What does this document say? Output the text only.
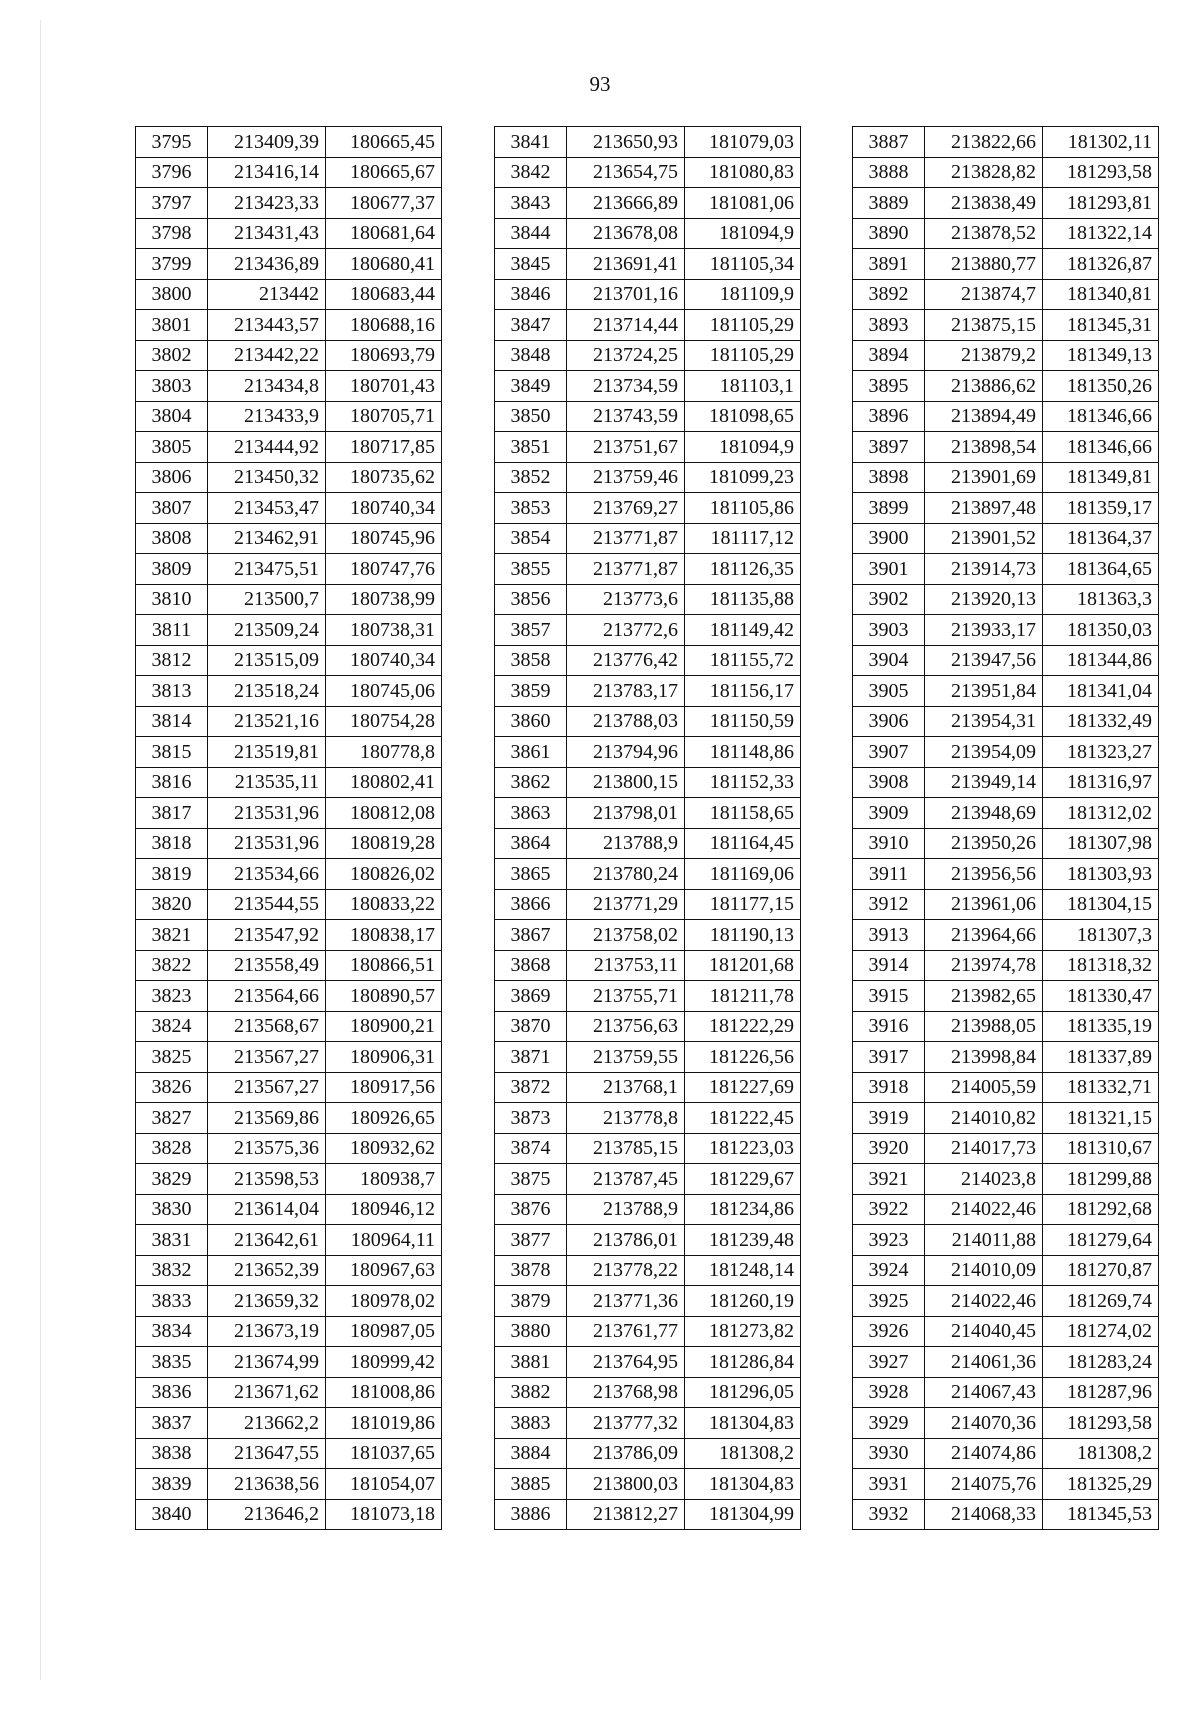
93
3795	213409,39	180665,45
3796	213416,14	180665,67
3797	213423,33	180677,37
3798	213431,43	180681,64
3799	213436,89	180680,41
3800	213442	180683,44
3801	213443,57	180688,16
3802	213442,22	180693,79
3803	213434,8	180701,43
3804	213433,9	180705,71
3805	213444,92	180717,85
3806	213450,32	180735,62
3807	213453,47	180740,34
3808	213462,91	180745,96
3809	213475,51	180747,76
3810	213500,7	180738,99
3811	213509,24	180738,31
3812	213515,09	180740,34
3813	213518,24	180745,06
3814	213521,16	180754,28
3815	213519,81	180778,8
3816	213535,11	180802,41
3817	213531,96	180812,08
3818	213531,96	180819,28
3819	213534,66	180826,02
3820	213544,55	180833,22
3821	213547,92	180838,17
3822	213558,49	180866,51
3823	213564,66	180890,57
3824	213568,67	180900,21
3825	213567,27	180906,31
3826	213567,27	180917,56
3827	213569,86	180926,65
3828	213575,36	180932,62
3829	213598,53	180938,7
3830	213614,04	180946,12
3831	213642,61	180964,11
3832	213652,39	180967,63
3833	213659,32	180978,02
3834	213673,19	180987,05
3835	213674,99	180999,42
3836	213671,62	181008,86
3837	213662,2	181019,86
3838	213647,55	181037,65
3839	213638,56	181054,07
3840	213646,2	181073,18
3841	213650,93	181079,03
3842	213654,75	181080,83
3843	213666,89	181081,06
3844	213678,08	181094,9
3845	213691,41	181105,34
3846	213701,16	181109,9
3847	213714,44	181105,29
3848	213724,25	181105,29
3849	213734,59	181103,1
3850	213743,59	181098,65
3851	213751,67	181094,9
3852	213759,46	181099,23
3853	213769,27	181105,86
3854	213771,87	181117,12
3855	213771,87	181126,35
3856	213773,6	181135,88
3857	213772,6	181149,42
3858	213776,42	181155,72
3859	213783,17	181156,17
3860	213788,03	181150,59
3861	213794,96	181148,86
3862	213800,15	181152,33
3863	213798,01	181158,65
3864	213788,9	181164,45
3865	213780,24	181169,06
3866	213771,29	181177,15
3867	213758,02	181190,13
3868	213753,11	181201,68
3869	213755,71	181211,78
3870	213756,63	181222,29
3871	213759,55	181226,56
3872	213768,1	181227,69
3873	213778,8	181222,45
3874	213785,15	181223,03
3875	213787,45	181229,67
3876	213788,9	181234,86
3877	213786,01	181239,48
3878	213778,22	181248,14
3879	213771,36	181260,19
3880	213761,77	181273,82
3881	213764,95	181286,84
3882	213768,98	181296,05
3883	213777,32	181304,83
3884	213786,09	181308,2
3885	213800,03	181304,83
3886	213812,27	181304,99
3887	213822,66	181302,11
3888	213828,82	181293,58
3889	213838,49	181293,81
3890	213878,52	181322,14
3891	213880,77	181326,87
3892	213874,7	181340,81
3893	213875,15	181345,31
3894	213879,2	181349,13
3895	213886,62	181350,26
3896	213894,49	181346,66
3897	213898,54	181346,66
3898	213901,69	181349,81
3899	213897,48	181359,17
3900	213901,52	181364,37
3901	213914,73	181364,65
3902	213920,13	181363,3
3903	213933,17	181350,03
3904	213947,56	181344,86
3905	213951,84	181341,04
3906	213954,31	181332,49
3907	213954,09	181323,27
3908	213949,14	181316,97
3909	213948,69	181312,02
3910	213950,26	181307,98
3911	213956,56	181303,93
3912	213961,06	181304,15
3913	213964,66	181307,3
3914	213974,78	181318,32
3915	213982,65	181330,47
3916	213988,05	181335,19
3917	213998,84	181337,89
3918	214005,59	181332,71
3919	214010,82	181321,15
3920	214017,73	181310,67
3921	214023,8	181299,88
3922	214022,46	181292,68
3923	214011,88	181279,64
3924	214010,09	181270,87
3925	214022,46	181269,74
3926	214040,45	181274,02
3927	214061,36	181283,24
3928	214067,43	181287,96
3929	214070,36	181293,58
3930	214074,86	181308,2
3931	214075,76	181325,29
3932	214068,33	181345,53
